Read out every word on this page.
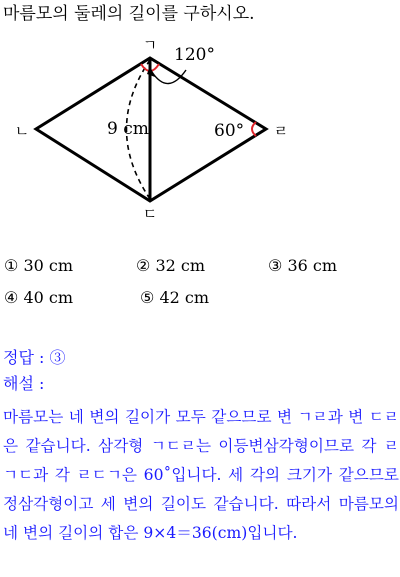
마름모의 둘레의 길이를 구하시오.
ㄱ
ㄴ
ㄷ
ㄹ
120°
60°
9 cm
① 30 cm	② 32 cm	③ 36 cm
④ 40 cm	⑤ 42 cm
정답 : ③
해설 :
마름모는 네 변의 길이가 모두 같으므로 변 ㄱㄹ과 변 ㄷㄹ은 같습니다. 삼각형 ㄱㄷㄹ는 이등변삼각형이므로 각 ㄹㄱㄷ과 각 ㄹㄷㄱ은 60˚입니다. 세 각의 크기가 같으므로 정삼각형이고 세 변의 길이도 같습니다. 따라서 마름모의 네 변의 길이의 합은 9×4＝36(cm)입니다.
